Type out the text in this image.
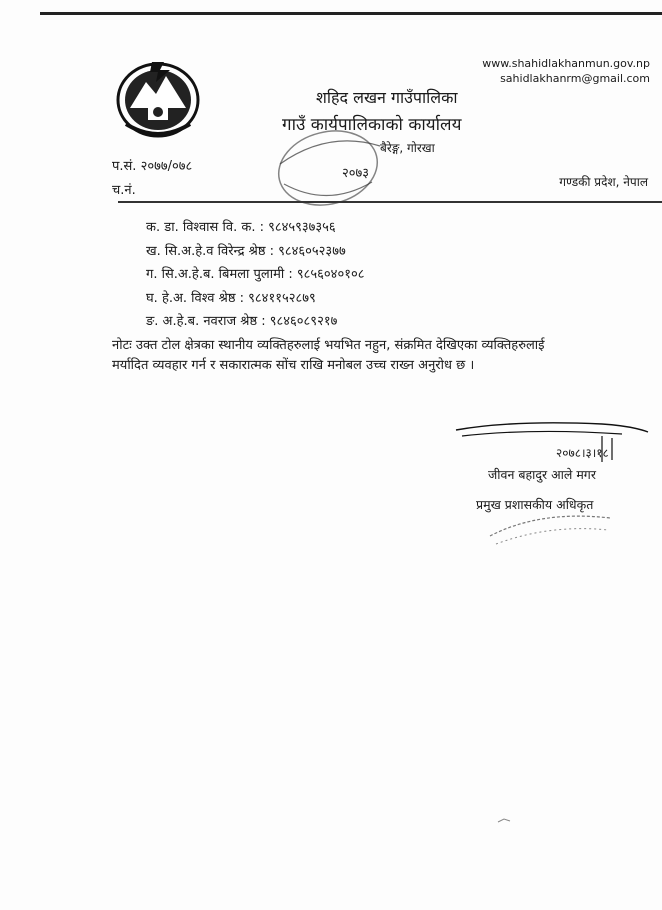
www.shahidlakhanmun.gov.np
sahidlakhanrm@gmail.com
शहिद लखन गाउँपालिका
गाउँ कार्यपालिकाको कार्यालय
बैरेङ्ग, गोरखा
प.सं. २०७७/०७८
च.नं.
२०७३
गण्डकी प्रदेश, नेपाल
क. डा. विश्वास वि. क. : ९८४५९३७३५६
ख. सि.अ.हे.व विरेन्द्र श्रेष्ठ : ९८४६०५२३७७
ग. सि.अ.हे.ब. बिमला पुलामी : ९८५६०४०१०८
घ. हे.अ. विश्व श्रेष्ठ : ९८४११५२८७९
ङ. अ.हे.ब. नवराज श्रेष्ठ : ९८४६०८९२१७
नोटः उक्त टोल क्षेत्रका स्थानीय व्यक्तिहरुलाई भयभित नहुन, संक्रमित देखिएका व्यक्तिहरुलाई
मर्यादित व्यवहार गर्न र सकारात्मक सोंच राखि मनोबल उच्च राख्न अनुरोध छ ।
२०७८।३।१८
जीवन बहादुर आले मगर
प्रमुख प्रशासकीय अधिकृत
